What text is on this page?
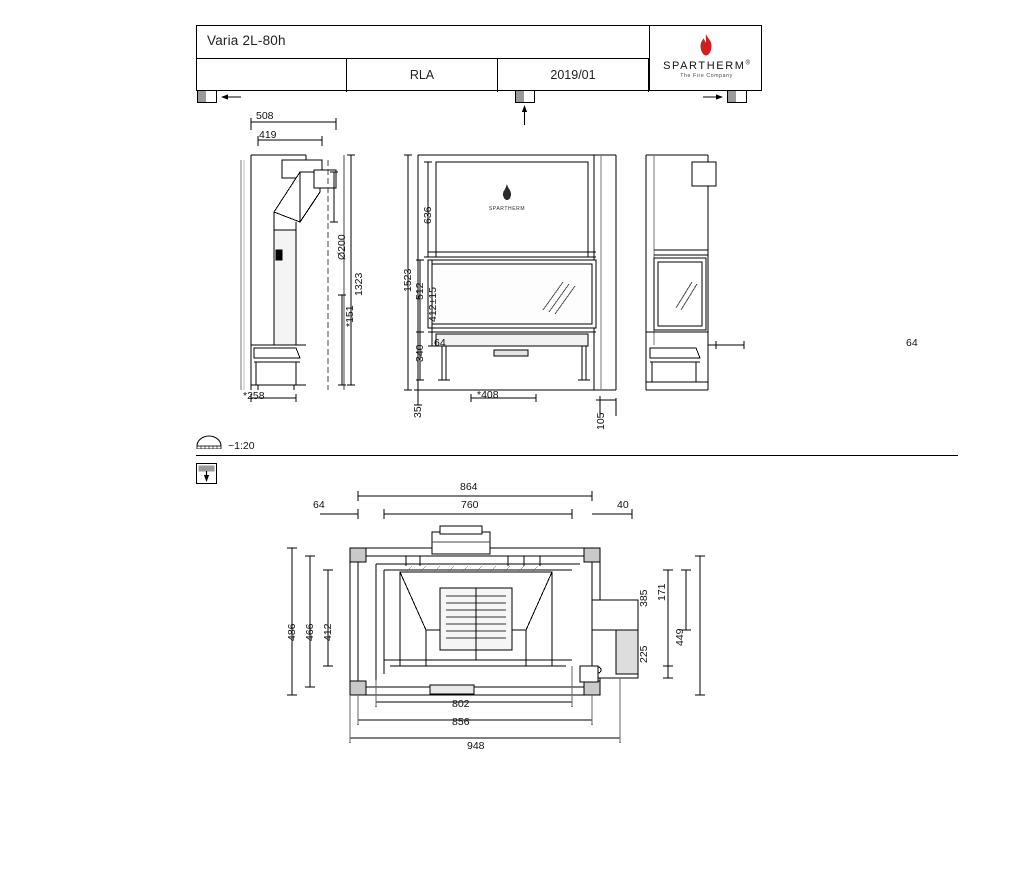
Varia 2L-80h
RLA	2019/01
SPARTHERM®
The Fire Company
SPARTHERM
508
419
Ø200
1323
*151
*258
1523
636
512 412±15
340
64
35
*408
64
105
~1:20
864
760
64	40
802
856
948
486 466 412
385 171
225
449
